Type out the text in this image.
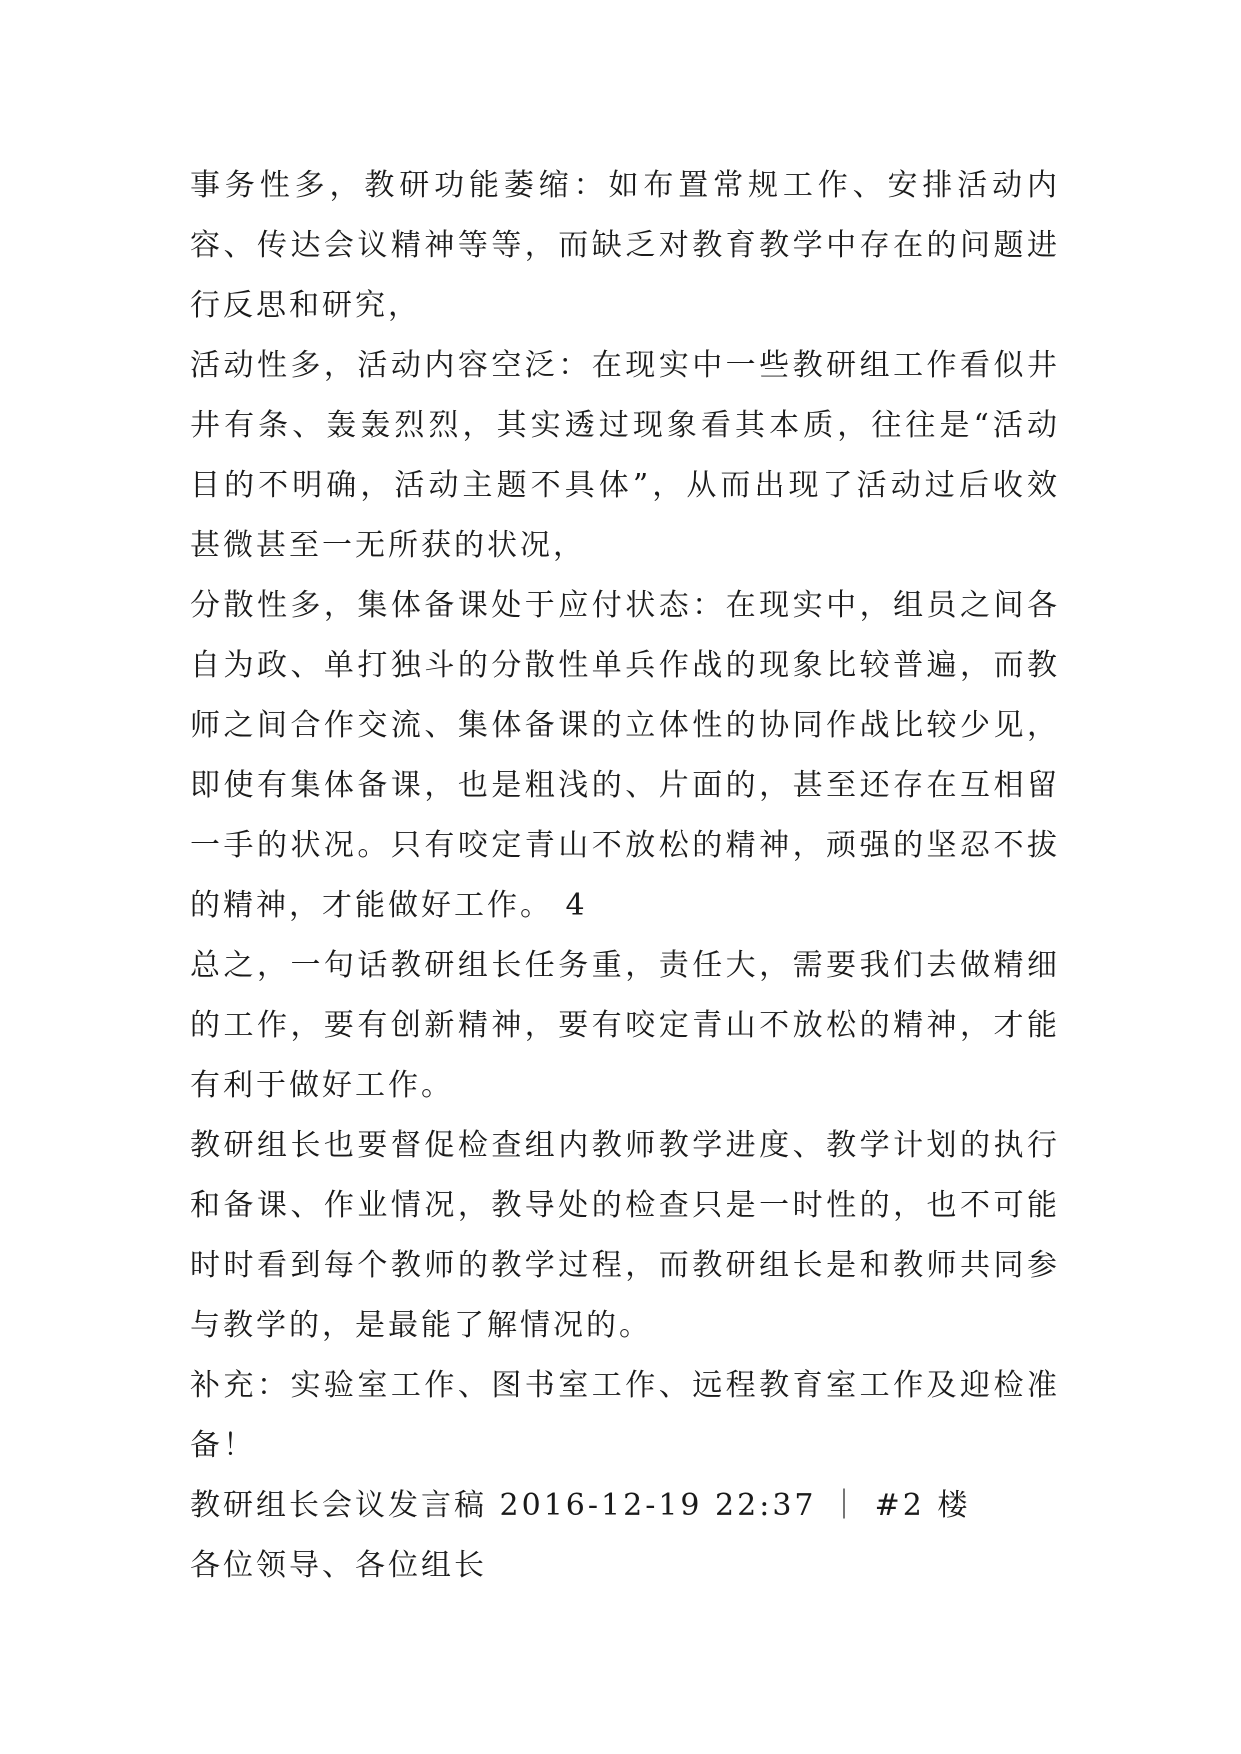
事务性多，教研功能萎缩：如布置常规工作、安排活动内容、传达会议精神等等，而缺乏对教育教学中存在的问题进行反思和研究，

活动性多，活动内容空泛：在现实中一些教研组工作看似井井有条、轰轰烈烈，其实透过现象看其本质，往往是“活动目的不明确，活动主题不具体”，从而出现了活动过后收效甚微甚至一无所获的状况，

分散性多，集体备课处于应付状态：在现实中，组员之间各自为政、单打独斗的分散性单兵作战的现象比较普遍，而教师之间合作交流、集体备课的立体性的协同作战比较少见，即使有集体备课，也是粗浅的、片面的，甚至还存在互相留一手的状况。只有咬定青山不放松的精神，顽强的坚忍不拔的精神，才能做好工作。 4

总之，一句话教研组长任务重，责任大，需要我们去做精细的工作，要有创新精神，要有咬定青山不放松的精神，才能有利于做好工作。

教研组长也要督促检查组内教师教学进度、教学计划的执行和备课、作业情况，教导处的检查只是一时性的，也不可能时时看到每个教师的教学过程，而教研组长是和教师共同参与教学的，是最能了解情况的。

补充：实验室工作、图书室工作、远程教育室工作及迎检准备！

教研组长会议发言稿 2016-12-19 22:37 ｜ #2 楼

各位领导、各位组长
